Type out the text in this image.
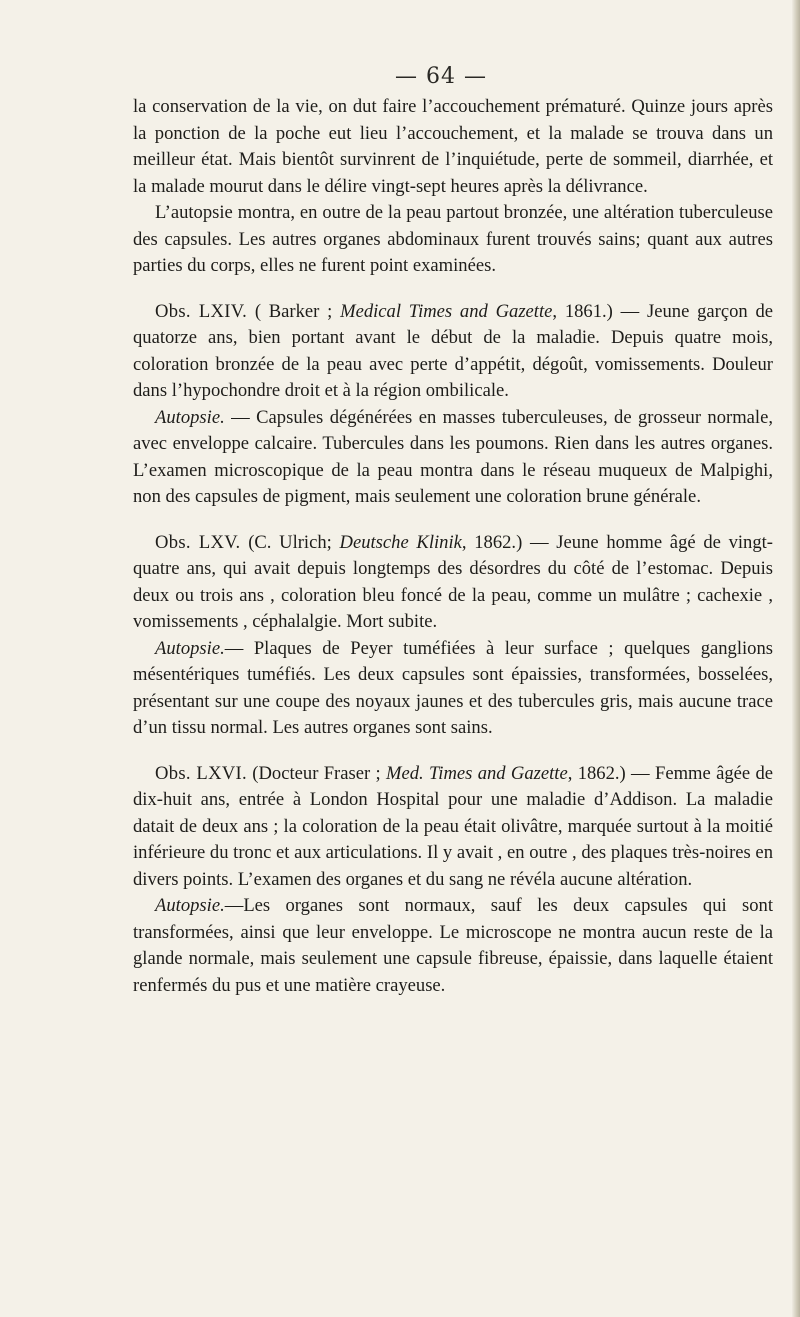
— 64 —

la conservation de la vie, on dut faire l’accouchement prématuré. Quinze jours après la ponction de la poche eut lieu l’accouchement, et la malade se trouva dans un meilleur état. Mais bientôt survinrent de l’inquiétude, perte de sommeil, diarrhée, et la malade mourut dans le délire vingt-sept heures après la délivrance.

L’autopsie montra, en outre de la peau partout bronzée, une altération tuberculeuse des capsules. Les autres organes abdominaux furent trouvés sains; quant aux autres parties du corps, elles ne furent point examinées.

Obs. LXIV. ( Barker ; Medical Times and Gazette, 1861.) — Jeune garçon de quatorze ans, bien portant avant le début de la maladie. Depuis quatre mois, coloration bronzée de la peau avec perte d’appétit, dégoût, vomissements. Douleur dans l’hypochondre droit et à la région ombilicale.

Autopsie. — Capsules dégénérées en masses tuberculeuses, de grosseur normale, avec enveloppe calcaire. Tubercules dans les poumons. Rien dans les autres organes. L’examen microscopique de la peau montra dans le réseau muqueux de Malpighi, non des capsules de pigment, mais seulement une coloration brune générale.

Obs. LXV. (C. Ulrich; Deutsche Klinik, 1862.) — Jeune homme âgé de vingt-quatre ans, qui avait depuis longtemps des désordres du côté de l’estomac. Depuis deux ou trois ans , coloration bleu foncé de la peau, comme un mulâtre ; cachexie , vomissements , céphalalgie. Mort subite.

Autopsie.— Plaques de Peyer tuméfiées à leur surface ; quelques ganglions mésentériques tuméfiés. Les deux capsules sont épaissies, transformées, bosselées, présentant sur une coupe des noyaux jaunes et des tubercules gris, mais aucune trace d’un tissu normal. Les autres organes sont sains.

Obs. LXVI. (Docteur Fraser ; Med. Times and Gazette, 1862.) — Femme âgée de dix-huit ans, entrée à London Hospital pour une maladie d’Addison. La maladie datait de deux ans ; la coloration de la peau était olivâtre, marquée surtout à la moitié inférieure du tronc et aux articulations. Il y avait , en outre , des plaques très-noires en divers points. L’examen des organes et du sang ne révéla aucune altération.

Autopsie.—Les organes sont normaux, sauf les deux capsules qui sont transformées, ainsi que leur enveloppe. Le microscope ne montra aucun reste de la glande normale, mais seulement une capsule fibreuse, épaissie, dans laquelle étaient renfermés du pus et une matière crayeuse.
